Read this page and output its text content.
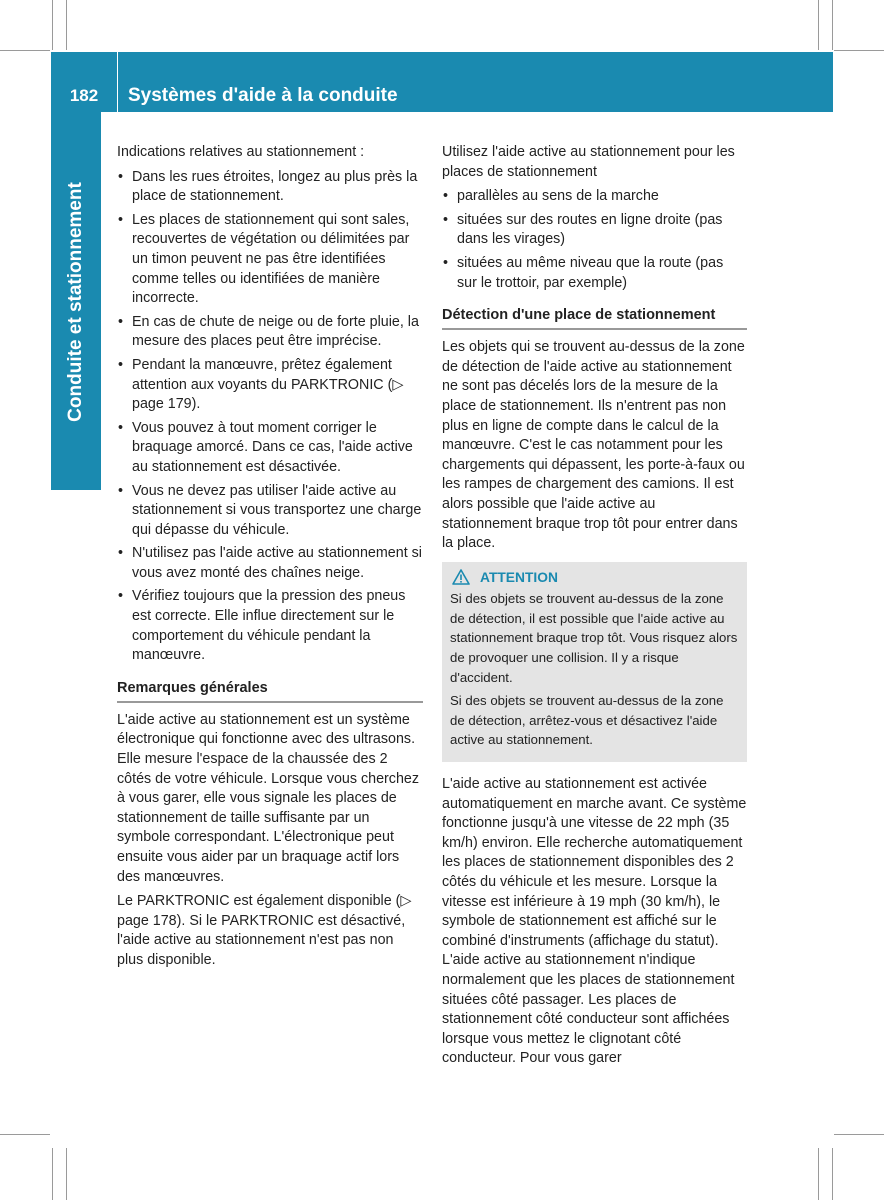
182	Systèmes d'aide à la conduite
Conduite et stationnement

Indications relatives au stationnement :

• Dans les rues étroites, longez au plus près la place de stationnement.
• Les places de stationnement qui sont sales, recouvertes de végétation ou délimitées par un timon peuvent ne pas être identifiées comme telles ou identifiées de manière incorrecte.
• En cas de chute de neige ou de forte pluie, la mesure des places peut être imprécise.
• Pendant la manœuvre, prêtez également attention aux voyants du PARKTRONIC (▷ page 179).
• Vous pouvez à tout moment corriger le braquage amorcé. Dans ce cas, l'aide active au stationnement est désactivée.
• Vous ne devez pas utiliser l'aide active au stationnement si vous transportez une charge qui dépasse du véhicule.
• N'utilisez pas l'aide active au stationnement si vous avez monté des chaînes neige.
• Vérifiez toujours que la pression des pneus est correcte. Elle influe directement sur le comportement du véhicule pendant la manœuvre.
Remarques générales

L'aide active au stationnement est un système électronique qui fonctionne avec des ultrasons. Elle mesure l'espace de la chaussée des 2 côtés de votre véhicule. Lorsque vous cherchez à vous garer, elle vous signale les places de stationnement de taille suffisante par un symbole correspondant. L'électronique peut ensuite vous aider par un braquage actif lors des manœuvres.

Le PARKTRONIC est également disponible (▷ page 178). Si le PARKTRONIC est désactivé, l'aide active au stationnement n'est pas non plus disponible.

Utilisez l'aide active au stationnement pour les places de stationnement

• parallèles au sens de la marche
• situées sur des routes en ligne droite (pas dans les virages)
• situées au même niveau que la route (pas sur le trottoir, par exemple)
Détection d'une place de stationnement

Les objets qui se trouvent au-dessus de la zone de détection de l'aide active au stationnement ne sont pas décelés lors de la mesure de la place de stationnement. Ils n'entrent pas non plus en ligne de compte dans le calcul de la manœuvre. C'est le cas notamment pour les chargements qui dépassent, les porte-à-faux ou les rampes de chargement des camions. Il est alors possible que l'aide active au stationnement braque trop tôt pour entrer dans la place.

ATTENTION

Si des objets se trouvent au-dessus de la zone de détection, il est possible que l'aide active au stationnement braque trop tôt. Vous risquez alors de provoquer une collision. Il y a risque d'accident.

Si des objets se trouvent au-dessus de la zone de détection, arrêtez-vous et désactivez l'aide active au stationnement.

L'aide active au stationnement est activée automatiquement en marche avant. Ce système fonctionne jusqu'à une vitesse de 22 mph (35 km/h) environ. Elle recherche automatiquement les places de stationnement disponibles des 2 côtés du véhicule et les mesure. Lorsque la vitesse est inférieure à 19 mph (30 km/h), le symbole de stationnement est affiché sur le combiné d'instruments (affichage du statut). L'aide active au stationnement n'indique normalement que les places de stationnement situées côté passager. Les places de stationnement côté conducteur sont affichées lorsque vous mettez le clignotant côté conducteur. Pour vous garer
